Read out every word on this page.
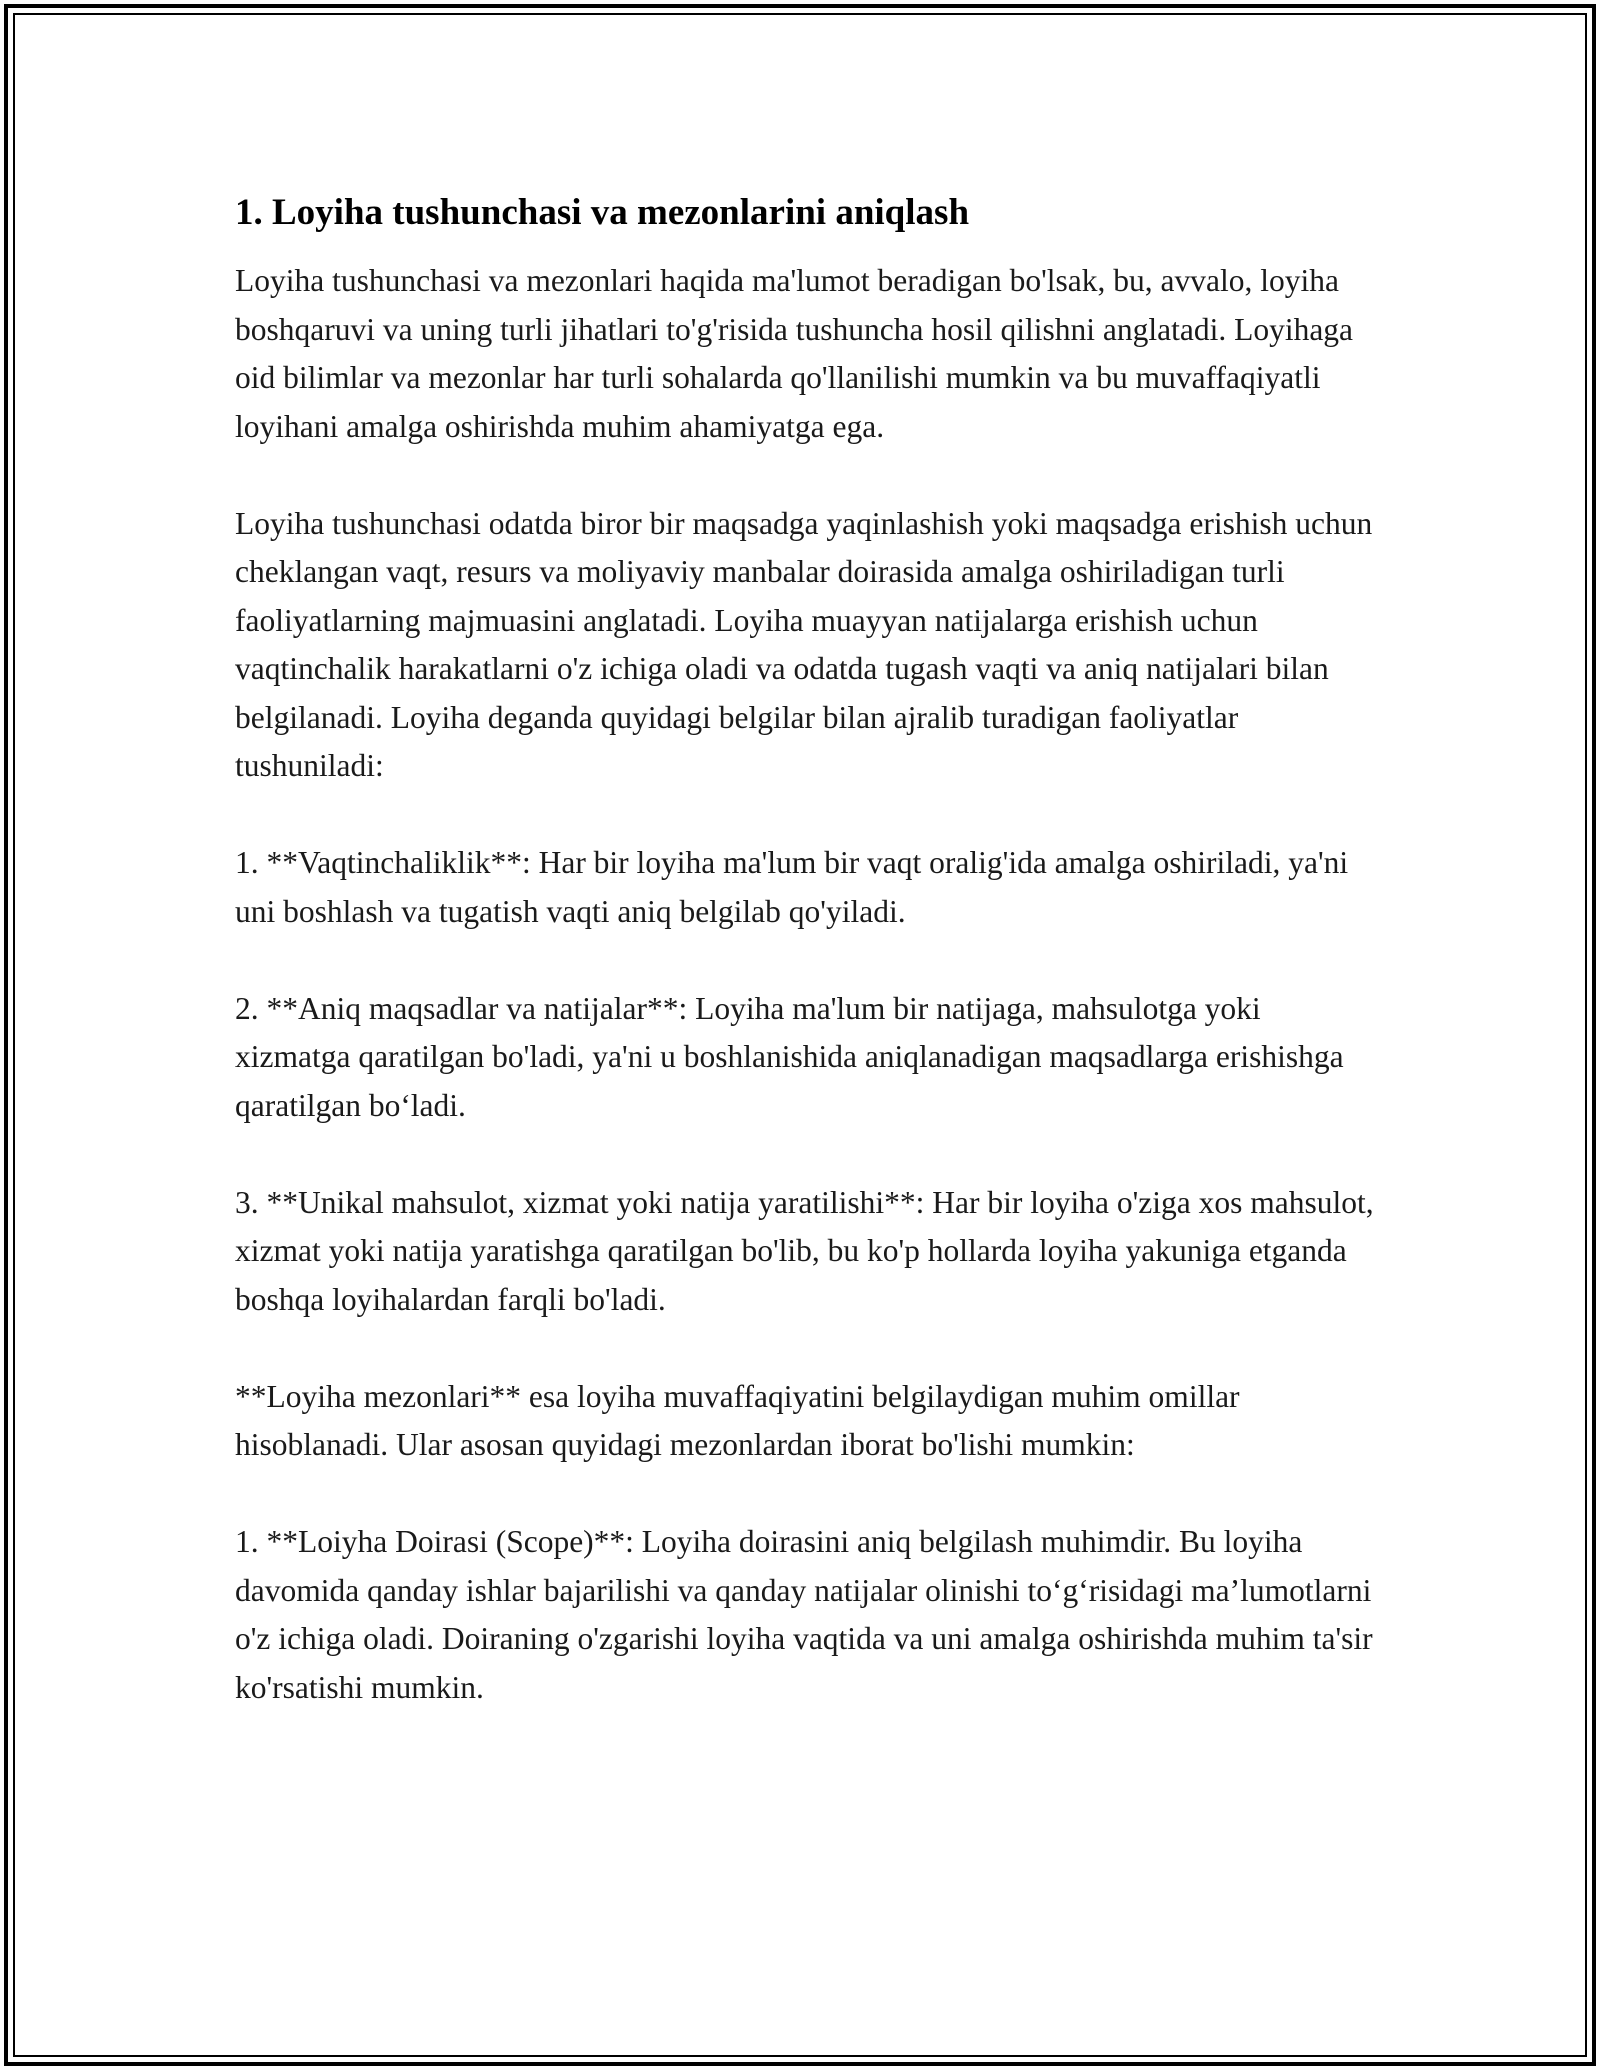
1. Loyiha tushunchasi va mezonlarini aniqlash

Loyiha tushunchasi va mezonlari haqida ma'lumot beradigan bo'lsak, bu, avvalo, loyiha boshqaruvi va uning turli jihatlari to'g'risida tushuncha hosil qilishni anglatadi. Loyihaga oid bilimlar va mezonlar har turli sohalarda qo'llanilishi mumkin va bu muvaffaqiyatli loyihani amalga oshirishda muhim ahamiyatga ega.

Loyiha tushunchasi odatda biror bir maqsadga yaqinlashish yoki maqsadga erishish uchun cheklangan vaqt, resurs va moliyaviy manbalar doirasida amalga oshiriladigan turli faoliyatlarning majmuasini anglatadi. Loyiha muayyan natijalarga erishish uchun vaqtinchalik harakatlarni o'z ichiga oladi va odatda tugash vaqti va aniq natijalari bilan belgilanadi. Loyiha deganda quyidagi belgilar bilan ajralib turadigan faoliyatlar tushuniladi:

1. **Vaqtinchaliklik**: Har bir loyiha ma'lum bir vaqt oralig'ida amalga oshiriladi, ya'ni uni boshlash va tugatish vaqti aniq belgilab qo'yiladi.

2. **Aniq maqsadlar va natijalar**: Loyiha ma'lum bir natijaga, mahsulotga yoki xizmatga qaratilgan bo'ladi, ya'ni u boshlanishida aniqlanadigan maqsadlarga erishishga qaratilgan bo‘ladi.

3. **Unikal mahsulot, xizmat yoki natija yaratilishi**: Har bir loyiha o'ziga xos mahsulot, xizmat yoki natija yaratishga qaratilgan bo'lib, bu ko'p hollarda loyiha yakuniga etganda boshqa loyihalardan farqli bo'ladi.

**Loyiha mezonlari** esa loyiha muvaffaqiyatini belgilaydigan muhim omillar hisoblanadi. Ular asosan quyidagi mezonlardan iborat bo'lishi mumkin:

1. **Loiyha Doirasi (Scope)**: Loyiha doirasini aniq belgilash muhimdir. Bu loyiha davomida qanday ishlar bajarilishi va qanday natijalar olinishi to‘g‘risidagi ma’lumotlarni o'z ichiga oladi. Doiraning o'zgarishi loyiha vaqtida va uni amalga oshirishda muhim ta'sir ko'rsatishi mumkin.
